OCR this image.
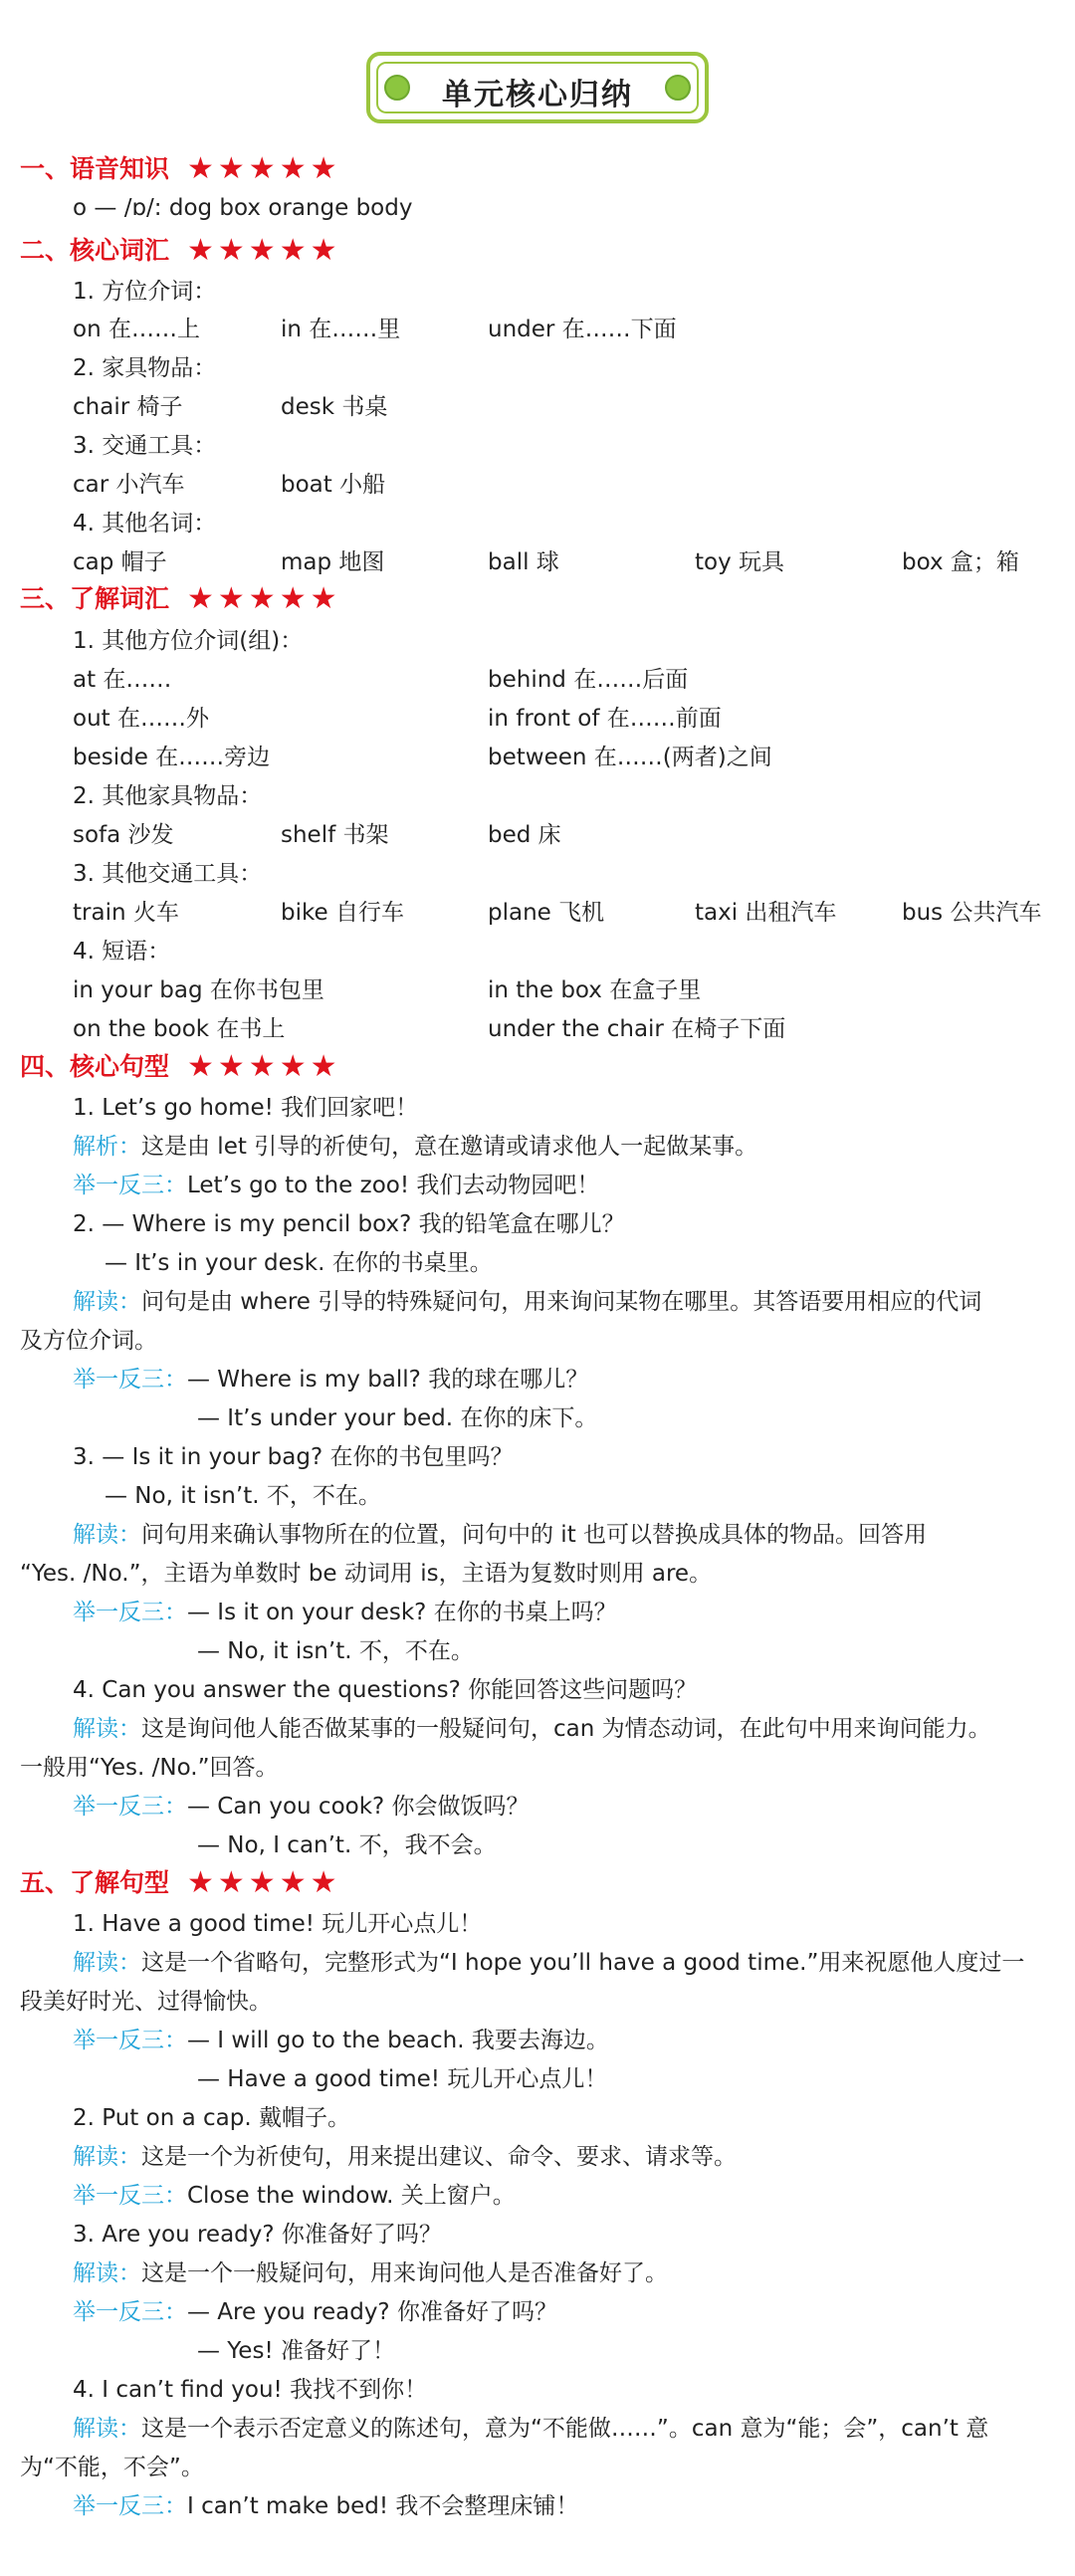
单元核心归纳
一、语音知识 ★★★★★
o — /ɒ/: dog box orange body
二、核心词汇 ★★★★★
1. 方位介词：
on 在……上	in 在……里	under 在……下面
2. 家具物品：
chair 椅子	desk 书桌
3. 交通工具：
car 小汽车	boat 小船
4. 其他名词：
cap 帽子	map 地图	ball 球	toy 玩具	box 盒；箱
三、了解词汇 ★★★★★
1. 其他方位介词(组)：
at 在……	behind 在……后面
out 在……外	in front of 在……前面
beside 在……旁边	between 在……(两者)之间
2. 其他家具物品：
sofa 沙发	shelf 书架	bed 床
3. 其他交通工具：
train 火车	bike 自行车	plane 飞机	taxi 出租汽车	bus 公共汽车
4. 短语：
in your bag 在你书包里	in the box 在盒子里
on the book 在书上	under the chair 在椅子下面
四、核心句型 ★★★★★
1. Let’s go home! 我们回家吧！
解析：这是由 let 引导的祈使句，意在邀请或请求他人一起做某事。
举一反三：Let’s go to the zoo! 我们去动物园吧！
2. — Where is my pencil box? 我的铅笔盒在哪儿？
— It’s in your desk. 在你的书桌里。
解读：问句是由 where 引导的特殊疑问句，用来询问某物在哪里。其答语要用相应的代词
及方位介词。
举一反三：— Where is my ball? 我的球在哪儿？
— It’s under your bed. 在你的床下。
3. — Is it in your bag? 在你的书包里吗？
— No, it isn’t. 不，不在。
解读：问句用来确认事物所在的位置，问句中的 it 也可以替换成具体的物品。回答用
“Yes. /No.”，主语为单数时 be 动词用 is，主语为复数时则用 are。
举一反三：— Is it on your desk? 在你的书桌上吗？
— No, it isn’t. 不，不在。
4. Can you answer the questions? 你能回答这些问题吗？
解读：这是询问他人能否做某事的一般疑问句，can 为情态动词，在此句中用来询问能力。
一般用“Yes. /No.”回答。
举一反三：— Can you cook? 你会做饭吗？
— No, I can’t. 不，我不会。
五、了解句型 ★★★★★
1. Have a good time! 玩儿开心点儿！
解读：这是一个省略句，完整形式为“I hope you’ll have a good time.”用来祝愿他人度过一
段美好时光、过得愉快。
举一反三：— I will go to the beach. 我要去海边。
— Have a good time! 玩儿开心点儿！
2. Put on a cap. 戴帽子。
解读：这是一个为祈使句，用来提出建议、命令、要求、请求等。
举一反三：Close the window. 关上窗户。
3. Are you ready? 你准备好了吗？
解读：这是一个一般疑问句，用来询问他人是否准备好了。
举一反三：— Are you ready? 你准备好了吗？
— Yes! 准备好了！
4. I can’t find you! 我找不到你！
解读：这是一个表示否定意义的陈述句，意为“不能做……”。can 意为“能；会”，can’t 意
为“不能，不会”。
举一反三：I can’t make bed! 我不会整理床铺！
